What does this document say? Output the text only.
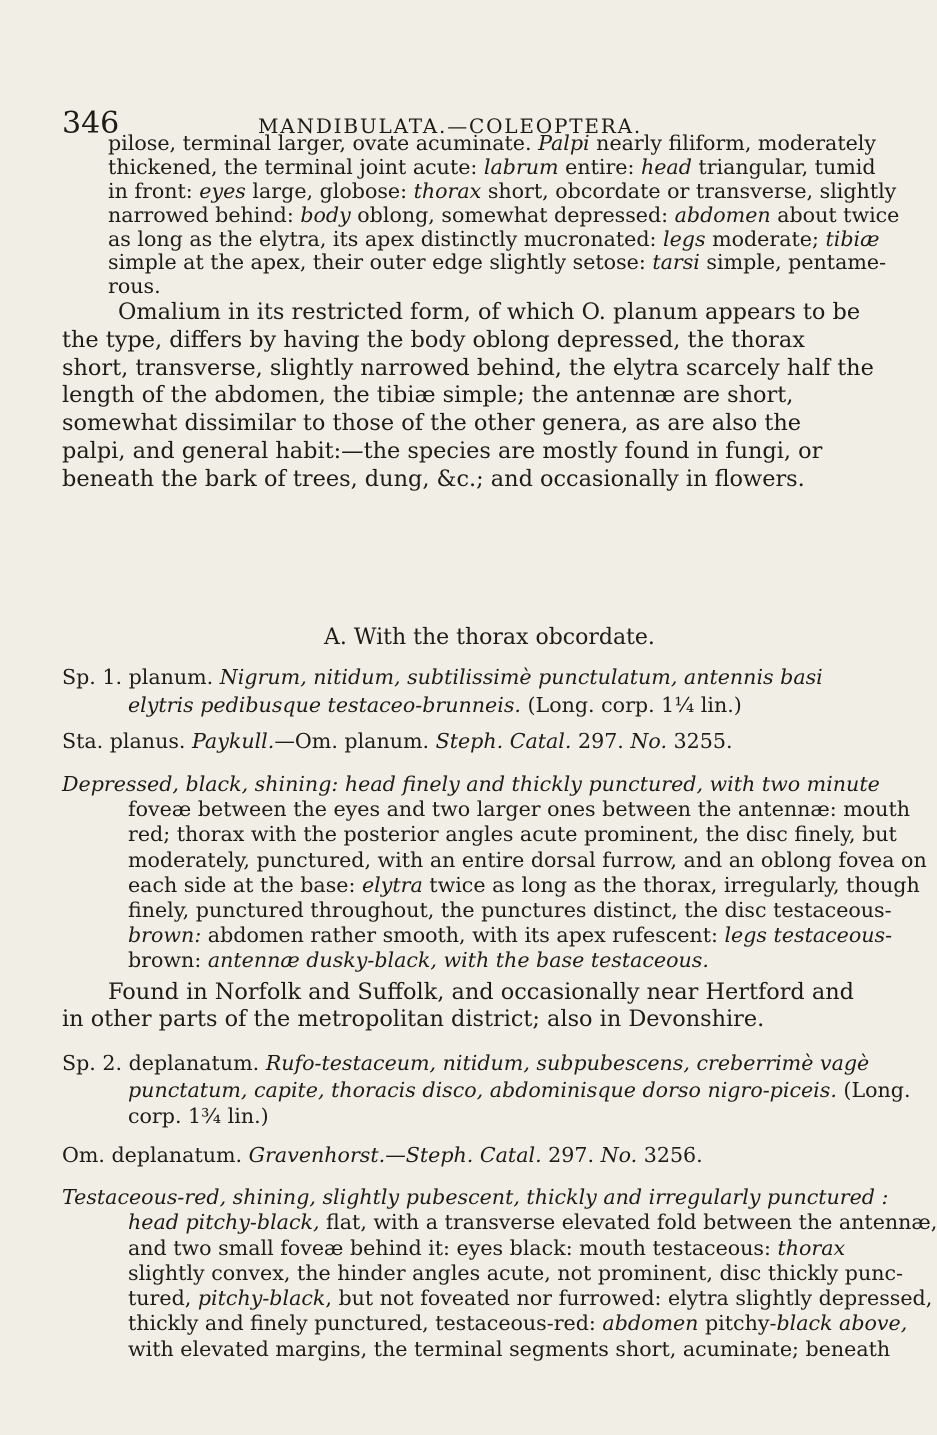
346	MANDIBULATA.—COLEOPTERA.
pilose, terminal larger, ovate acuminate. Palpi nearly filiform, moderately
thickened, the terminal joint acute: labrum entire: head triangular, tumid
in front: eyes large, globose: thorax short, obcordate or transverse, slightly
narrowed behind: body oblong, somewhat depressed: abdomen about twice
as long as the elytra, its apex distinctly mucronated: legs moderate; tibiæ
simple at the apex, their outer edge slightly setose: tarsi simple, pentame-
rous.
Omalium in its restricted form, of which O. planum appears to be
the type, differs by having the body oblong depressed, the thorax
short, transverse, slightly narrowed behind, the elytra scarcely half the
length of the abdomen, the tibiæ simple; the antennæ are short,
somewhat dissimilar to those of the other genera, as are also the
palpi, and general habit:—the species are mostly found in fungi, or
beneath the bark of trees, dung, &c.; and occasionally in flowers.
A. With the thorax obcordate.
Sp. 1. planum. Nigrum, nitidum, subtilissimè punctulatum, antennis basi
elytris pedibusque testaceo-brunneis. (Long. corp. 1¼ lin.)
Sta. planus. Paykull.—Om. planum. Steph. Catal. 297. No. 3255.
Depressed, black, shining: head finely and thickly punctured, with two minute
foveæ between the eyes and two larger ones between the antennæ: mouth
red; thorax with the posterior angles acute prominent, the disc finely, but
moderately, punctured, with an entire dorsal furrow, and an oblong fovea on
each side at the base: elytra twice as long as the thorax, irregularly, though
finely, punctured throughout, the punctures distinct, the disc testaceous-
brown: abdomen rather smooth, with its apex rufescent: legs testaceous-
brown: antennæ dusky-black, with the base testaceous.
Found in Norfolk and Suffolk, and occasionally near Hertford and
in other parts of the metropolitan district; also in Devonshire.
Sp. 2. deplanatum. Rufo-testaceum, nitidum, subpubescens, creberrimè vagè
punctatum, capite, thoracis disco, abdominisque dorso nigro-piceis. (Long.
corp. 1¾ lin.)
Om. deplanatum. Gravenhorst.—Steph. Catal. 297. No. 3256.
Testaceous-red, shining, slightly pubescent, thickly and irregularly punctured :
head pitchy-black, flat, with a transverse elevated fold between the antennæ,
and two small foveæ behind it: eyes black: mouth testaceous: thorax
slightly convex, the hinder angles acute, not prominent, disc thickly punc-
tured, pitchy-black, but not foveated nor furrowed: elytra slightly depressed,
thickly and finely punctured, testaceous-red: abdomen pitchy-black above,
with elevated margins, the terminal segments short, acuminate; beneath
